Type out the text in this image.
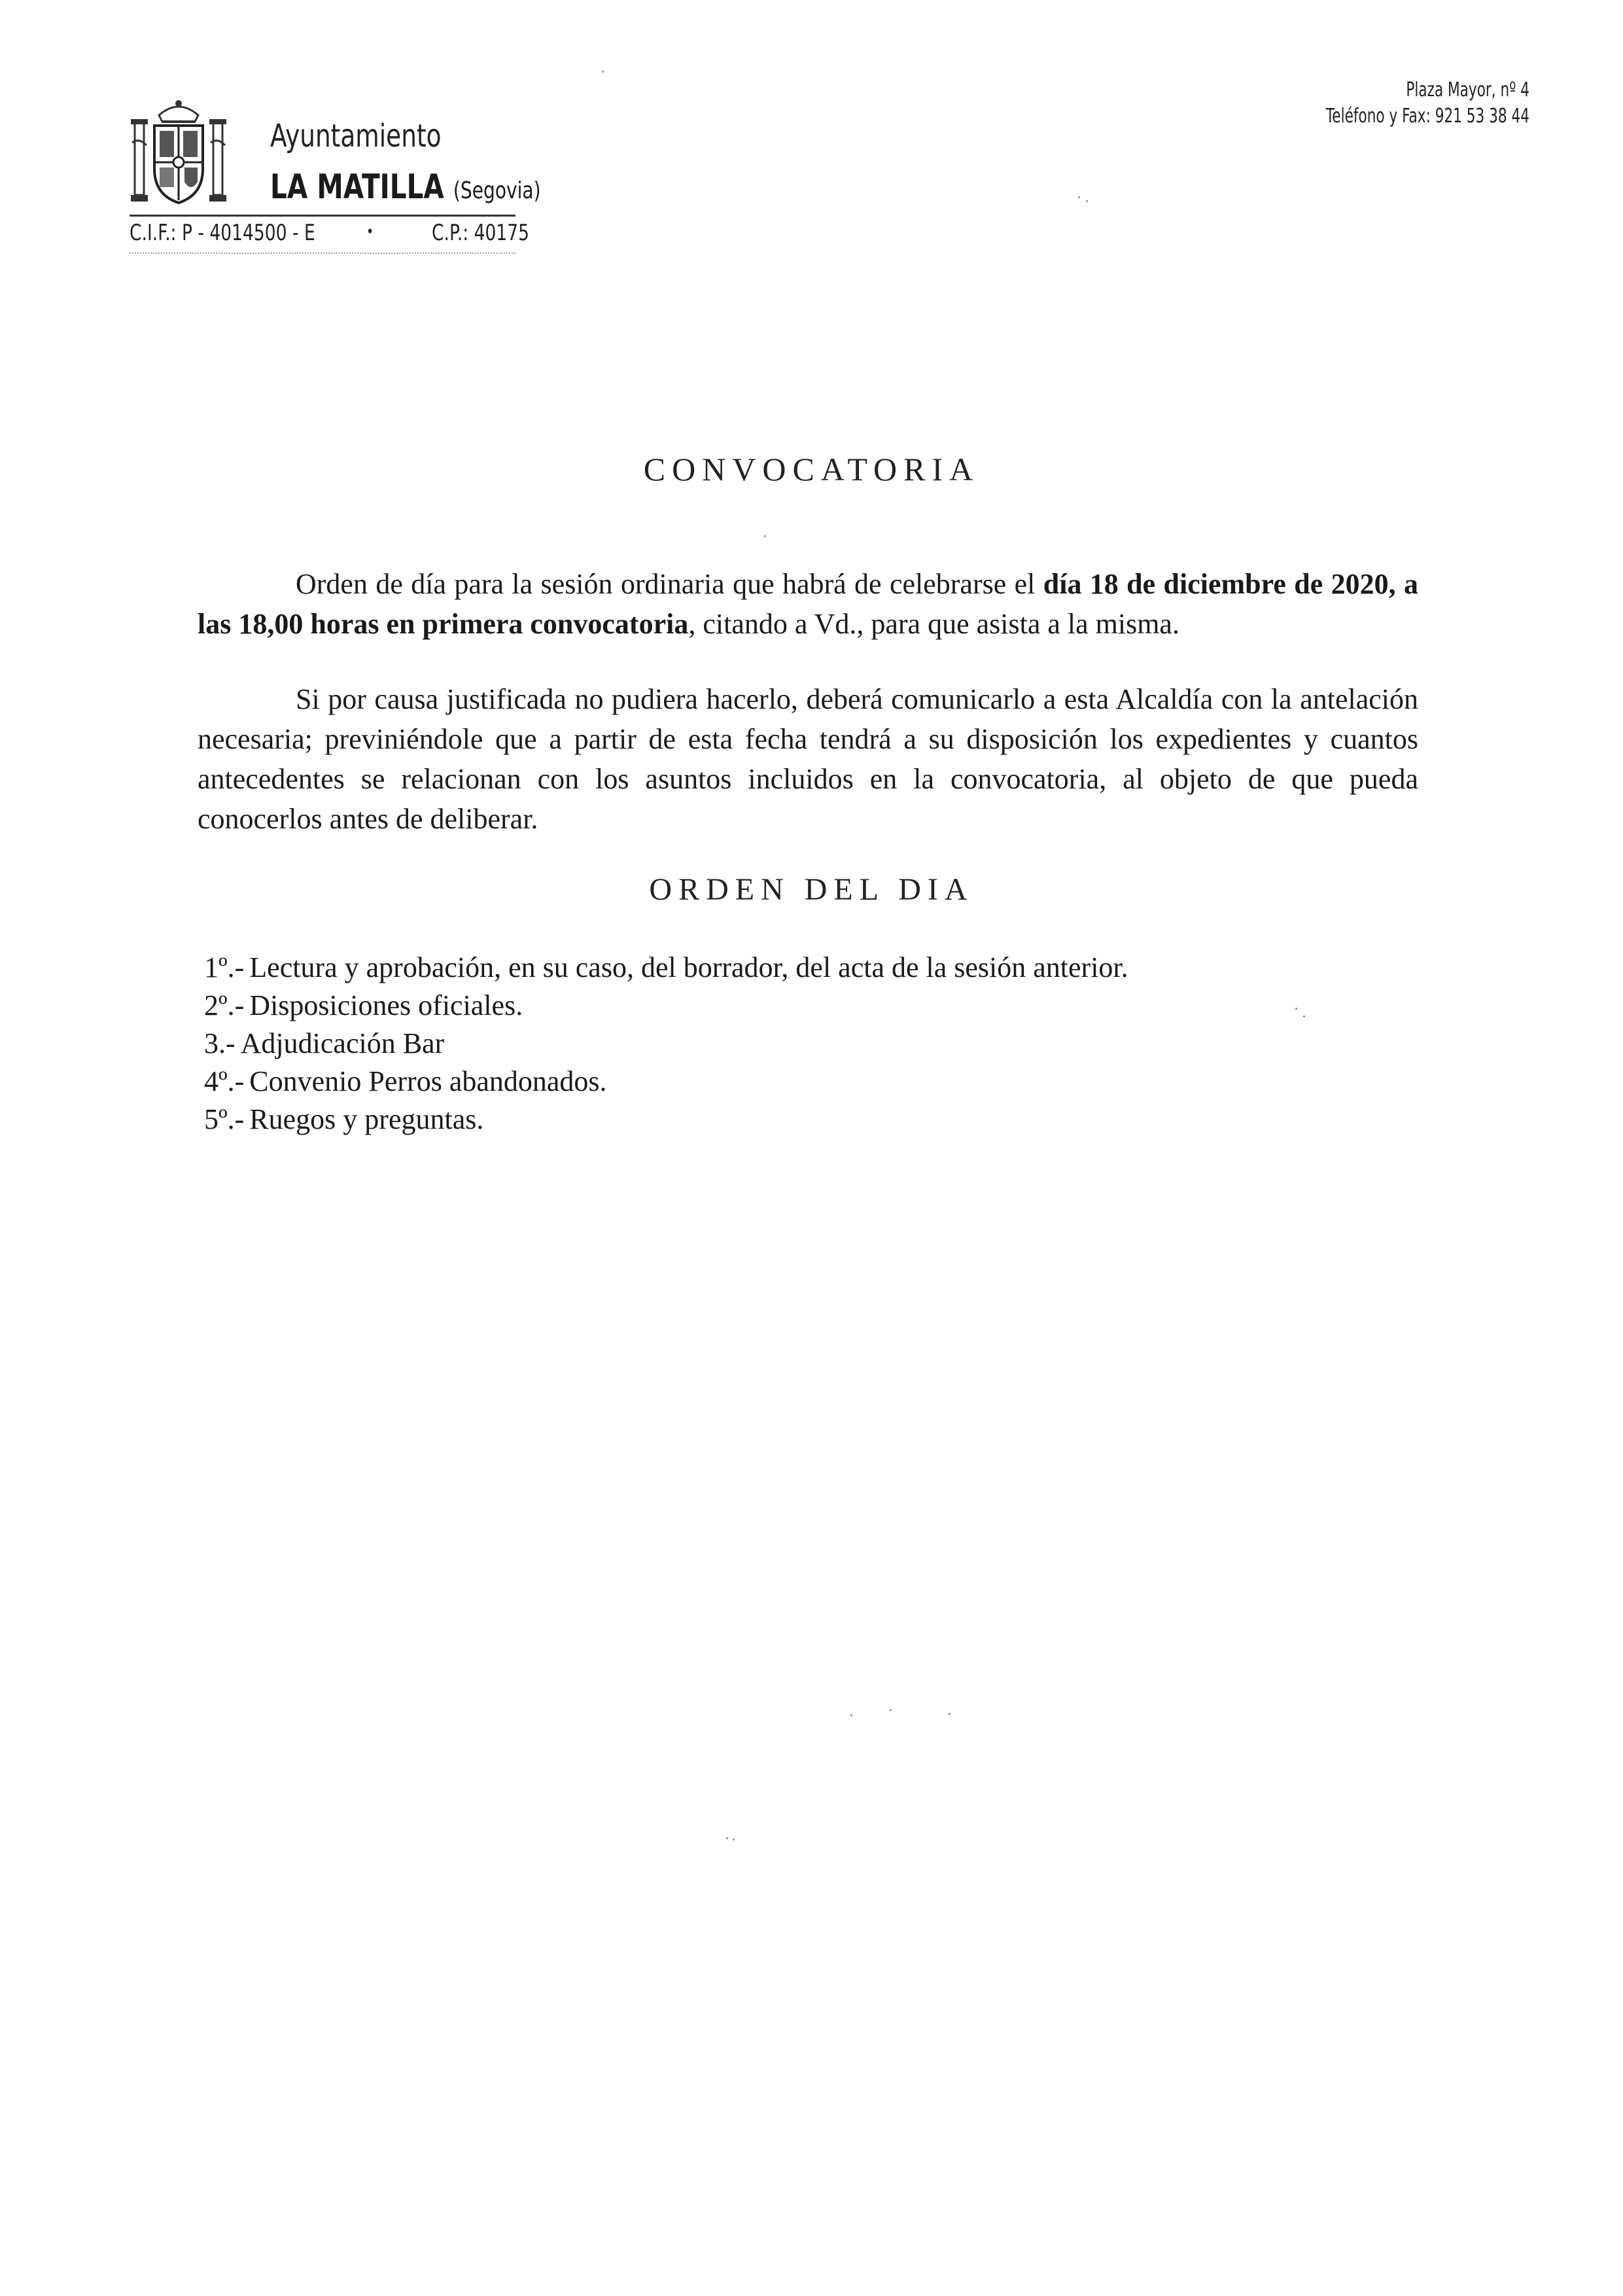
Ayuntamiento
LA MATILLA (Segovia)
C.I.F.: P - 4014500 - E	•	C.P.: 40175
Plaza Mayor, nº 4
Teléfono y Fax: 921 53 38 44
CONVOCATORIA
Orden de día para la sesión ordinaria que habrá de celebrarse el día 18 de diciembre de 2020, a las 18,00 horas en primera convocatoria, citando a Vd., para que asista a la misma.
Si por causa justificada no pudiera hacerlo, deberá comunicarlo a esta Alcaldía con la antelación necesaria; previniéndole que a partir de esta fecha tendrá a su disposición los expedientes y cuantos antecedentes se relacionan con los asuntos incluidos en la convocatoria, al objeto de que pueda conocerlos antes de deliberar.
ORDEN DEL DIA
1º.- Lectura y aprobación, en su caso, del borrador, del acta de la sesión anterior.
2º.- Disposiciones oficiales.
3.- Adjudicación Bar
4º.- Convenio Perros abandonados.
5º.- Ruegos y preguntas.
